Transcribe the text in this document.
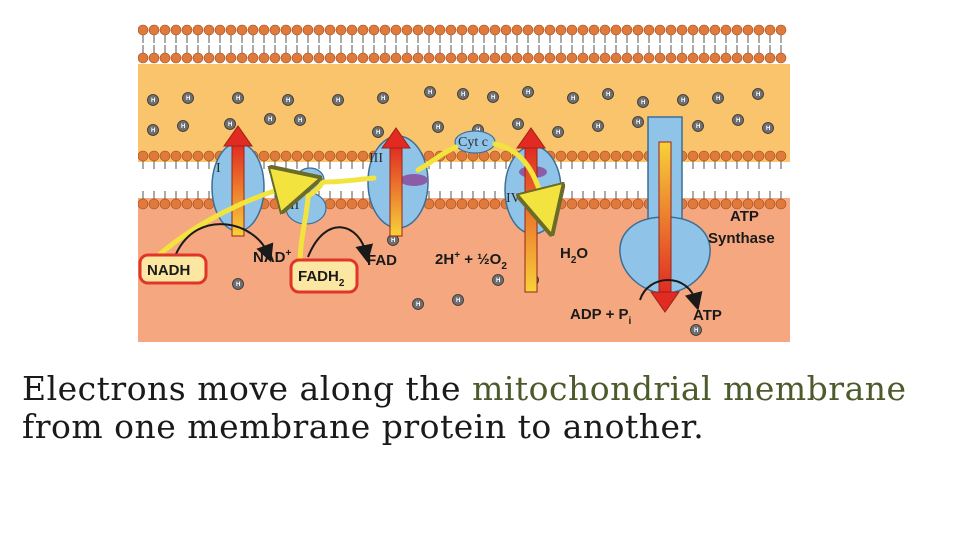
H	H	H	H	H	H
H	H	H
H
H
H
H	H	H
H
H
H	H
H	H
H
H	H
H
H
H
H
H
H
H
H
H
H
H
H
I
Q
II
III
Cyt c
IV
NADH
NAD+
$FADH_2$
FAD	$2H^+ + \frac{1}{2}O_2$
$H_2O$
ATP
Synthase
ADP + $P_i$	ATP
Electrons move along the mitochondrial membrane from one membrane protein to another.
